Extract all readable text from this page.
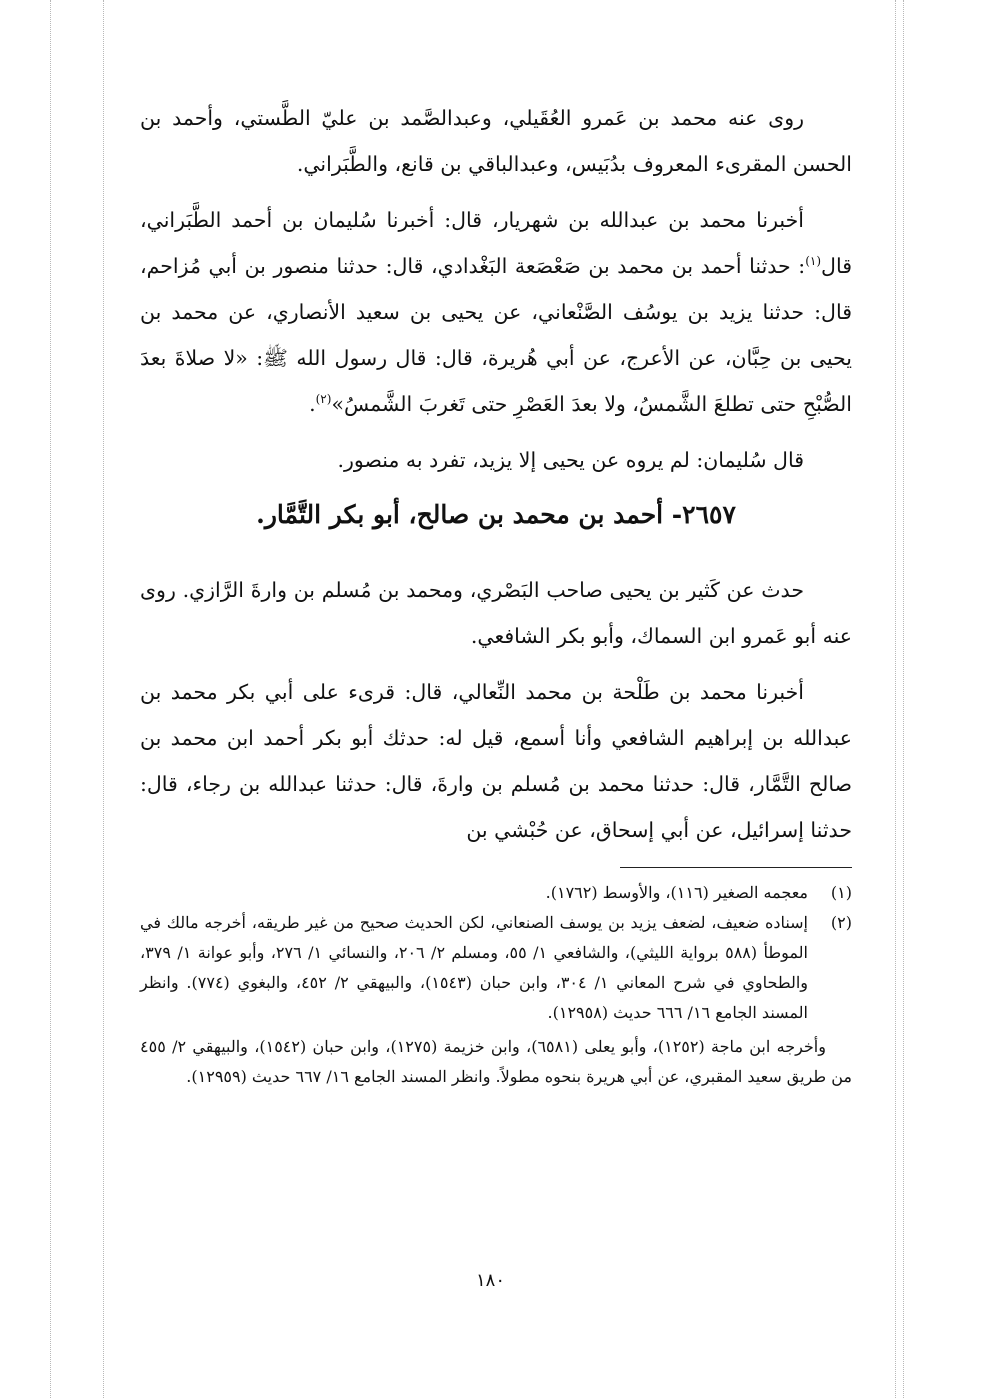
روى عنه محمد بن عَمرو العُقَيلي، وعبدالصَّمد بن عليّ الطَّستي، وأحمد بن الحسن المقرىء المعروف بدُبَيس، وعبدالباقي بن قانع، والطَّبَراني.

أخبرنا محمد بن عبدالله بن شهريار، قال: أخبرنا سُليمان بن أحمد الطَّبَراني، قال$^{(١)}$: حدثنا أحمد بن محمد بن صَعْصَعة البَغْدادي، قال: حدثنا منصور بن أبي مُزاحم، قال: حدثنا يزيد بن يوسُف الصَّنْعاني، عن يحيى بن سعيد الأنصاري، عن محمد بن يحيى بن حِبَّان، عن الأعرج، عن أبي هُريرة، قال: قال رسول الله ﷺ: «لا صلاةَ بعدَ الصُّبْحِ حتى تطلعَ الشَّمسُ، ولا بعدَ العَصْرِ حتى تَغربَ الشَّمسُ»$^{(٢)}$.

قال سُليمان: لم يروه عن يحيى إلا يزيد، تفرد به منصور.

٢٦٥٧- أحمد بن محمد بن صالح، أبو بكر التَّمَّار.

حدث عن كَثير بن يحيى صاحب البَصْري، ومحمد بن مُسلم بن وارةَ الرَّازي. روى عنه أبو عَمرو ابن السماك، وأبو بكر الشافعي.

أخبرنا محمد بن طَلْحة بن محمد النِّعالي، قال: قرىء على أبي بكر محمد بن عبدالله بن إبراهيم الشافعي وأنا أسمع، قيل له: حدثك أبو بكر أحمد ابن محمد بن صالح التَّمَّار، قال: حدثنا محمد بن مُسلم بن وارةَ، قال: حدثنا عبدالله بن رجاء، قال: حدثنا إسرائيل، عن أبي إسحاق، عن حُبْشي بن

(١)
معجمه الصغير (١١٦)، والأوسط (١٧٦٢).
(٢)
إسناده ضعيف، لضعف يزيد بن يوسف الصنعاني، لكن الحديث صحيح من غير طريقه، أخرجه مالك في الموطأ (٥٨٨ برواية الليثي)، والشافعي ١/ ٥٥، ومسلم ٢/ ٢٠٦، والنسائي ١/ ٢٧٦، وأبو عوانة ١/ ٣٧٩، والطحاوي في شرح المعاني ١/ ٣٠٤، وابن حبان (١٥٤٣)، والبيهقي ٢/ ٤٥٢، والبغوي (٧٧٤). وانظر المسند الجامع ١٦/ ٦٦٦ حديث (١٢٩٥٨).
وأخرجه ابن ماجة (١٢٥٢)، وأبو يعلى (٦٥٨١)، وابن خزيمة (١٢٧٥)، وابن حبان (١٥٤٢)، والبيهقي ٢/ ٤٥٥ من طريق سعيد المقبري، عن أبي هريرة بنحوه مطولاً. وانظر المسند الجامع ١٦/ ٦٦٧ حديث (١٢٩٥٩).
١٨٠
